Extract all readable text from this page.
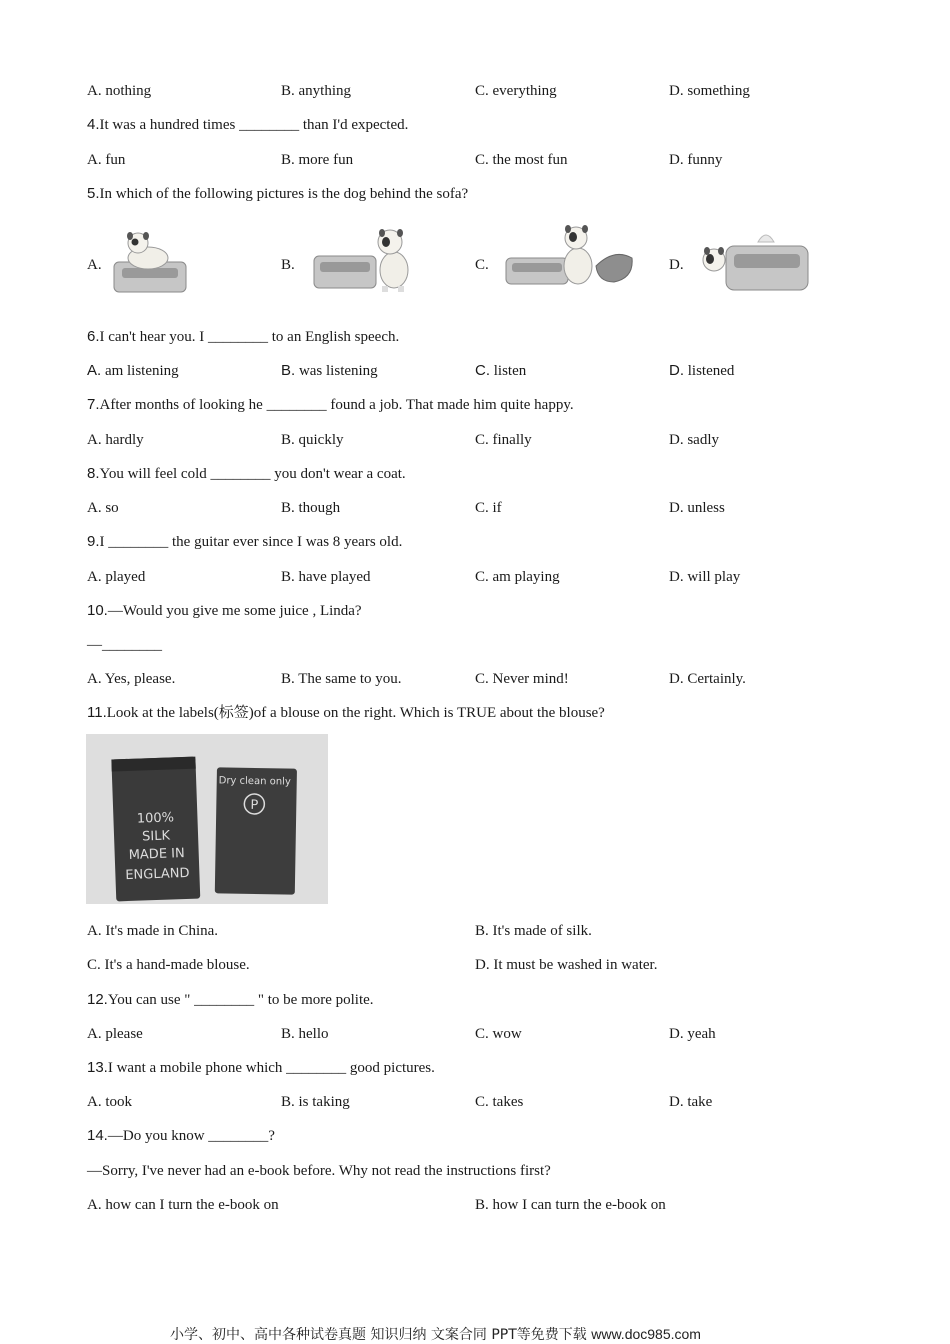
A. nothing	B. anything	C. everything	D. something
4.It was a hundred times ________ than I'd expected.
A. fun	B. more fun	C. the most fun	D. funny
5.In which of the following pictures is the dog behind the sofa?
A.	B.	C.	D.
6.I can't hear you. I ________ to an English speech.
A. am listening	B. was listening	C. listen	D. listened
7.After months of looking he ________ found a job. That made him quite happy.
A. hardly	B. quickly	C. finally	D. sadly
8.You will feel cold ________ you don't wear a coat.
A. so	B. though	C. if	D. unless
9.I ________ the guitar ever since I was 8 years old.
A. played	B. have played	C. am playing	D. will play
10.—Would you give me some juice , Linda?
—________
A. Yes, please.	B. The same to you.	C. Never mind!	D. Certainly.
11.Look at the labels(标签)of a blouse on the right. Which is TRUE about the blouse?
100%
SILK
MADE IN
ENGLAND
Dry clean only
P
A. It's made in China.	B. It's made of silk.
C. It's a hand-made blouse.	D. It must be washed in water.
12.You can use " ________ " to be more polite.
A. please	B. hello	C. wow	D. yeah
13.I want a mobile phone which ________ good pictures.
A. took	B. is taking	C. takes	D. take
14.—Do you know ________?
—Sorry, I've never had an e-book before. Why not read the instructions first?
A. how can I turn the e-book on	B. how I can turn the e-book on
小学、初中、高中各种试卷真题 知识归纳 文案合同 PPT等免费下载 www.doc985.com
